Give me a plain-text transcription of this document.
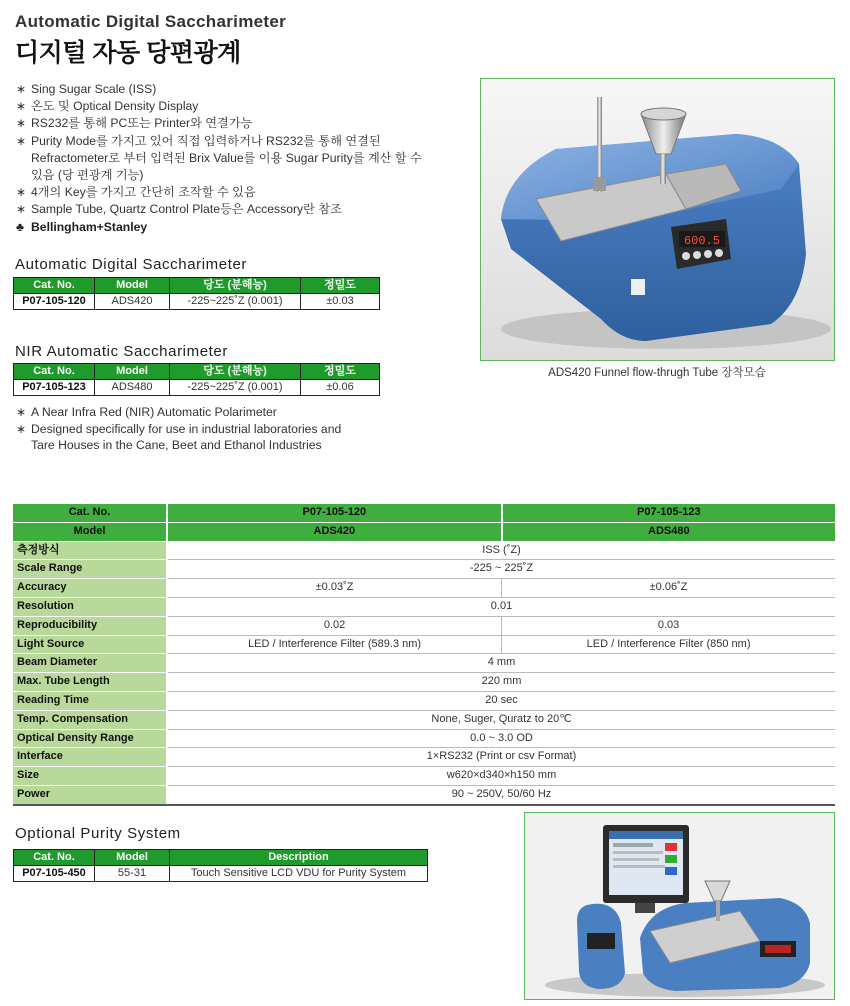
Automatic Digital Saccharimeter
디지털 자동 당편광계
∗ Sing Sugar Scale (ISS)
∗ 온도 및 Optical Density Display
∗ RS232를 통해 PC또는 Printer와 연결가능
∗ Purity Mode를 가지고 있어 직접 입력하거나 RS232를 통해 연결된
Refractometer로 부터 입력된 Brix Value를 이용 Sugar Purity를 계산 할 수
있음 (당 편광계 기능)
∗ 4개의 Key를 가지고 간단히 조작할 수 있음
∗ Sample Tube, Quartz Control Plate등은 Accessory란 참조
♣ Bellingham+Stanley
Automatic Digital Saccharimeter
Cat. No.	Model	당도 (분해능)	정밀도
P07-105-120	ADS420	-225~225˚Z (0.001)	±0.03
NIR Automatic Saccharimeter
Cat. No.	Model	당도 (분해능)	정밀도
P07-105-123	ADS480	-225~225˚Z (0.001)	±0.06
∗ A Near Infra Red (NIR) Automatic Polarimeter
∗ Designed specifically for use in industrial laboratories and
Tare Houses in the Cane, Beet and Ethanol Industries
600.5
ADS420 Funnel flow-thrugh Tube 장착모습
Cat. No.	P07-105-120	P07-105-123
Model	ADS420	ADS480
측정방식	ISS (˚Z)	
Scale Range	-225 ~ 225˚Z	
Accuracy	±0.03˚Z	±0.06˚Z
Resolution	0.01	
Reproducibility	0.02	0.03
Light Source	LED / Interference Filter (589.3 nm)	LED / Interference Filter (850 nm)
Beam Diameter	4 mm	
Max. Tube Length	220 mm	
Reading Time	20 sec	
Temp. Compensation	None, Suger, Quratz to 20℃	
Optical Density Range	0.0 ~ 3.0 OD	
Interface	1×RS232 (Print or csv Format)	
Size	w620×d340×h150 mm	
Power	90 ~ 250V, 50/60 Hz	
Optional Purity System
Cat. No.	Model	Description
P07-105-450	55-31	Touch Sensitive LCD VDU for Purity System
